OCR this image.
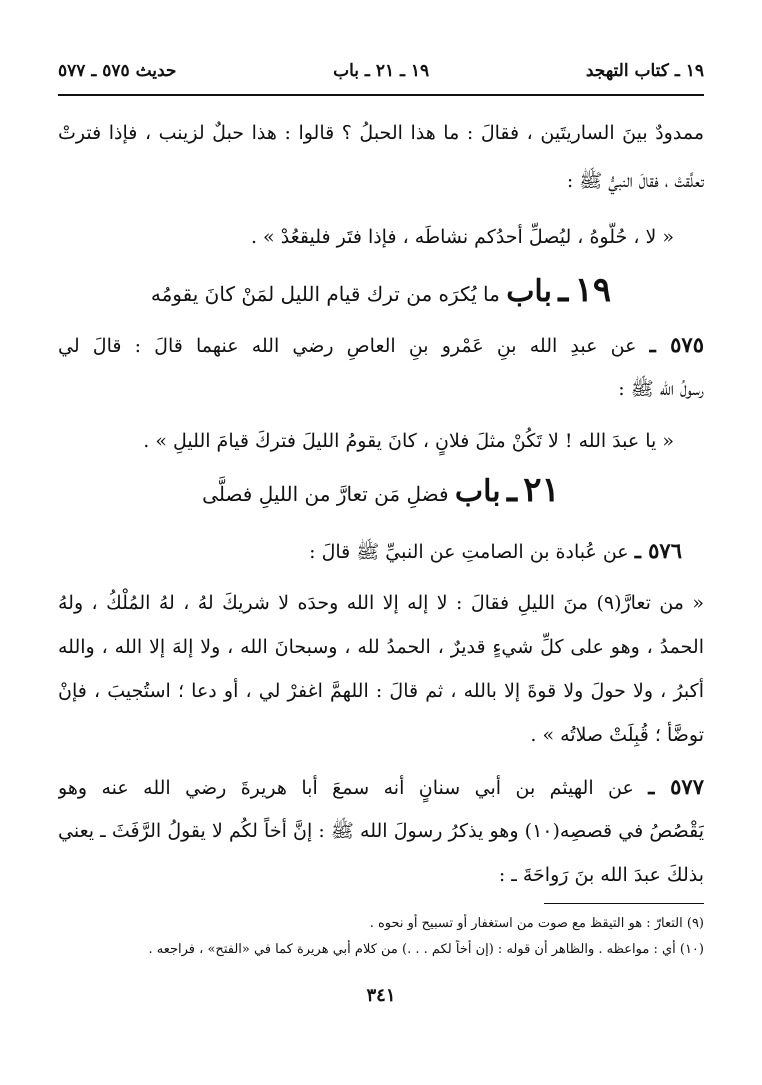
١٩ ـ كتاب التهجد
١٩ ـ ٢١ ـ باب
حديث ٥٧٥ ـ ٥٧٧
ممدودٌ بينَ الساريتَين ، فقالَ : ما هذا الحبلُ ؟ قالوا : هذا حبلٌ لزينب ، فإذا فترتْ
تعلَّقتْ ، فقالَ النبيُّ ﷺ :
« لا ، حُلُّوهُ ، ليُصلِّ أحدُكم نشاطَه ، فإذا فتَر فليقعُدْ » .
١٩ ـ باب ما يُكرَه من ترك قيام الليل لمَنْ كانَ يقومُه
٥٧٥ ـ عن عبدِ الله بنِ عَمْرو بنِ العاصِ رضي الله عنهما قالَ : قالَ لي
رسولُ الله ﷺ :
« يا عبدَ الله ! لا تَكُنْ مثلَ فلانٍ ، كانَ يقومُ الليلَ فتركَ قيامَ الليلِ » .
٢١ ـ باب فضلِ مَن تعارَّ من الليلِ فصلَّى
٥٧٦ ـ عن عُبادة بن الصامتِ عن النبيِّ ﷺ قالَ :
« من تعارَّ(٩) منَ الليلِ فقالَ : لا إله إلا الله وحدَه لا شريكَ لهُ ، لهُ المُلْكُ ، ولهُ
الحمدُ ، وهو على كلِّ شيءٍ قديرٌ ، الحمدُ لله ، وسبحانَ الله ، ولا إلهَ إلا الله ، والله
أكبرُ ، ولا حولَ ولا قوةَ إلا بالله ، ثم قالَ : اللهمَّ اغفرْ لي ، أو دعا ؛ استُجيبَ ، فإنْ
توضَّأ ؛ قُبِلَتْ صلاتُه » .
٥٧٧ ـ عن الهيثم بن أبي سنانٍ أنه سمعَ أبا هريرةَ رضي الله عنه وهو
يَقْصُصُ في قصصِه(١٠) وهو يذكرُ رسولَ الله ﷺ : إنَّ أخاً لكُم لا يقولُ الرَّفَثَ ـ يعني
بذلكَ عبدَ الله بنَ رَواحَةَ ـ :
(٩) التعارّ : هو التيقظ مع صوت من استغفار أو تسبيح أو نحوه .
(١٠) أي : مواعظه . والظاهر أن قوله : (إن أخاً لكم . . .) من كلام أبي هريرة كما في «الفتح» ، فراجعه .
٣٤١
